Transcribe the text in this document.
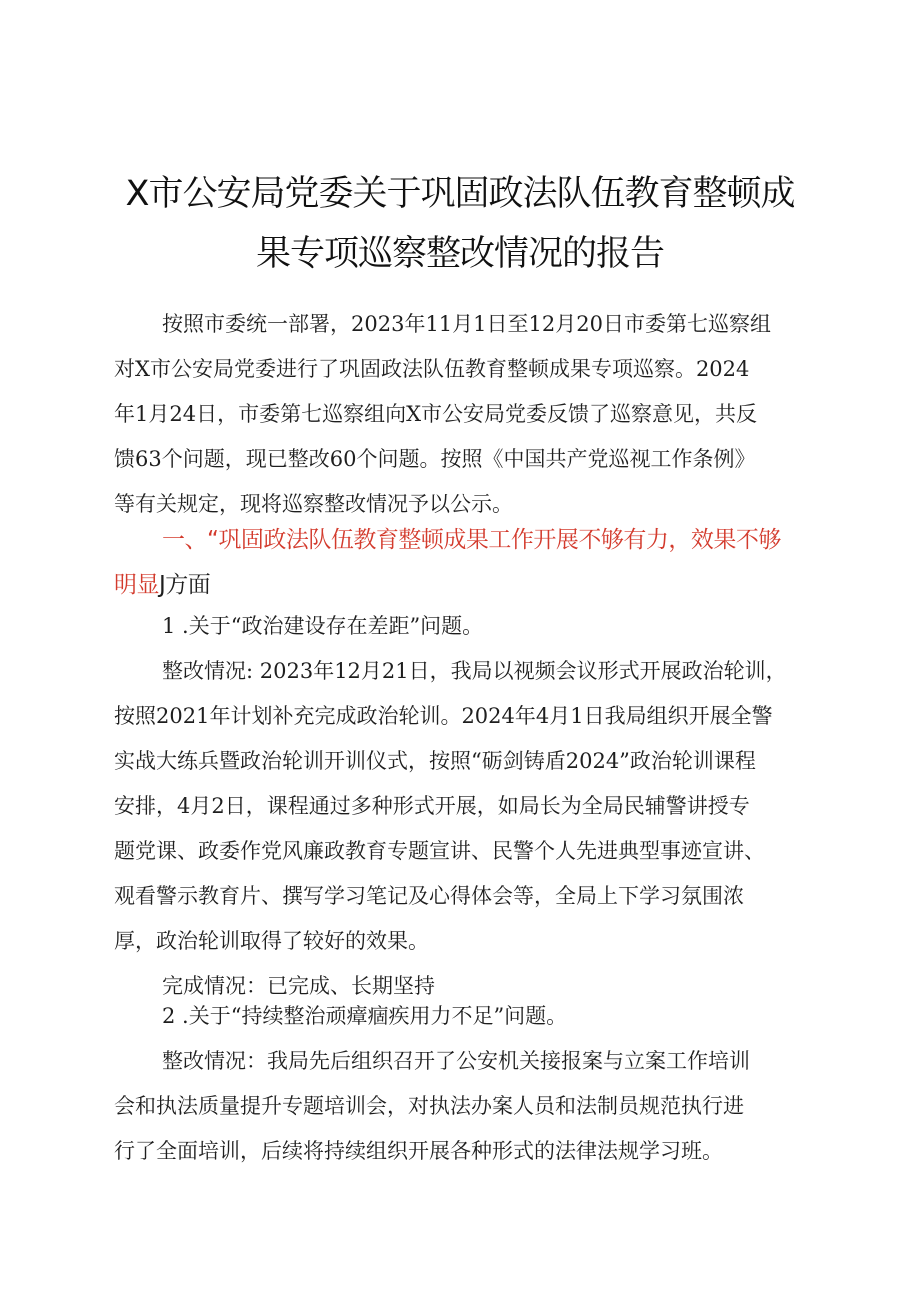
X市公安局党委关于巩固政法队伍教育整顿成
果专项巡察整改情况的报告
按照市委统一部署，2023年11月1日至12月20日市委第七巡察组
对X市公安局党委进行了巩固政法队伍教育整顿成果专项巡察。2024
年1月24日，市委第七巡察组向X市公安局党委反馈了巡察意见，共反
馈63个问题，现已整改60个问题。按照《中国共产党巡视工作条例》
等有关规定，现将巡察整改情况予以公示。
一、“巩固政法队伍教育整顿成果工作开展不够有力，效果不够
明显J方面
1 .关于“政治建设存在差距”问题。
整改情况: 2023年12月21日，我局以视频会议形式开展政治轮训，
按照2021年计划补充完成政治轮训。2024年4月1日我局组织开展全警
实战大练兵暨政治轮训开训仪式，按照“砺剑铸盾2024”政治轮训课程
安排，4月2日，课程通过多种形式开展，如局长为全局民辅警讲授专
题党课、政委作党风廉政教育专题宣讲、民警个人先进典型事迹宣讲、
观看警示教育片、撰写学习笔记及心得体会等，全局上下学习氛围浓
厚，政治轮训取得了较好的效果。
完成情况：已完成、长期坚持
2 .关于“持续整治顽瘴痼疾用力不足”问题。
整改情况：我局先后组织召开了公安机关接报案与立案工作培训
会和执法质量提升专题培训会，对执法办案人员和法制员规范执行进
行了全面培训，后续将持续组织开展各种形式的法律法规学习班。
